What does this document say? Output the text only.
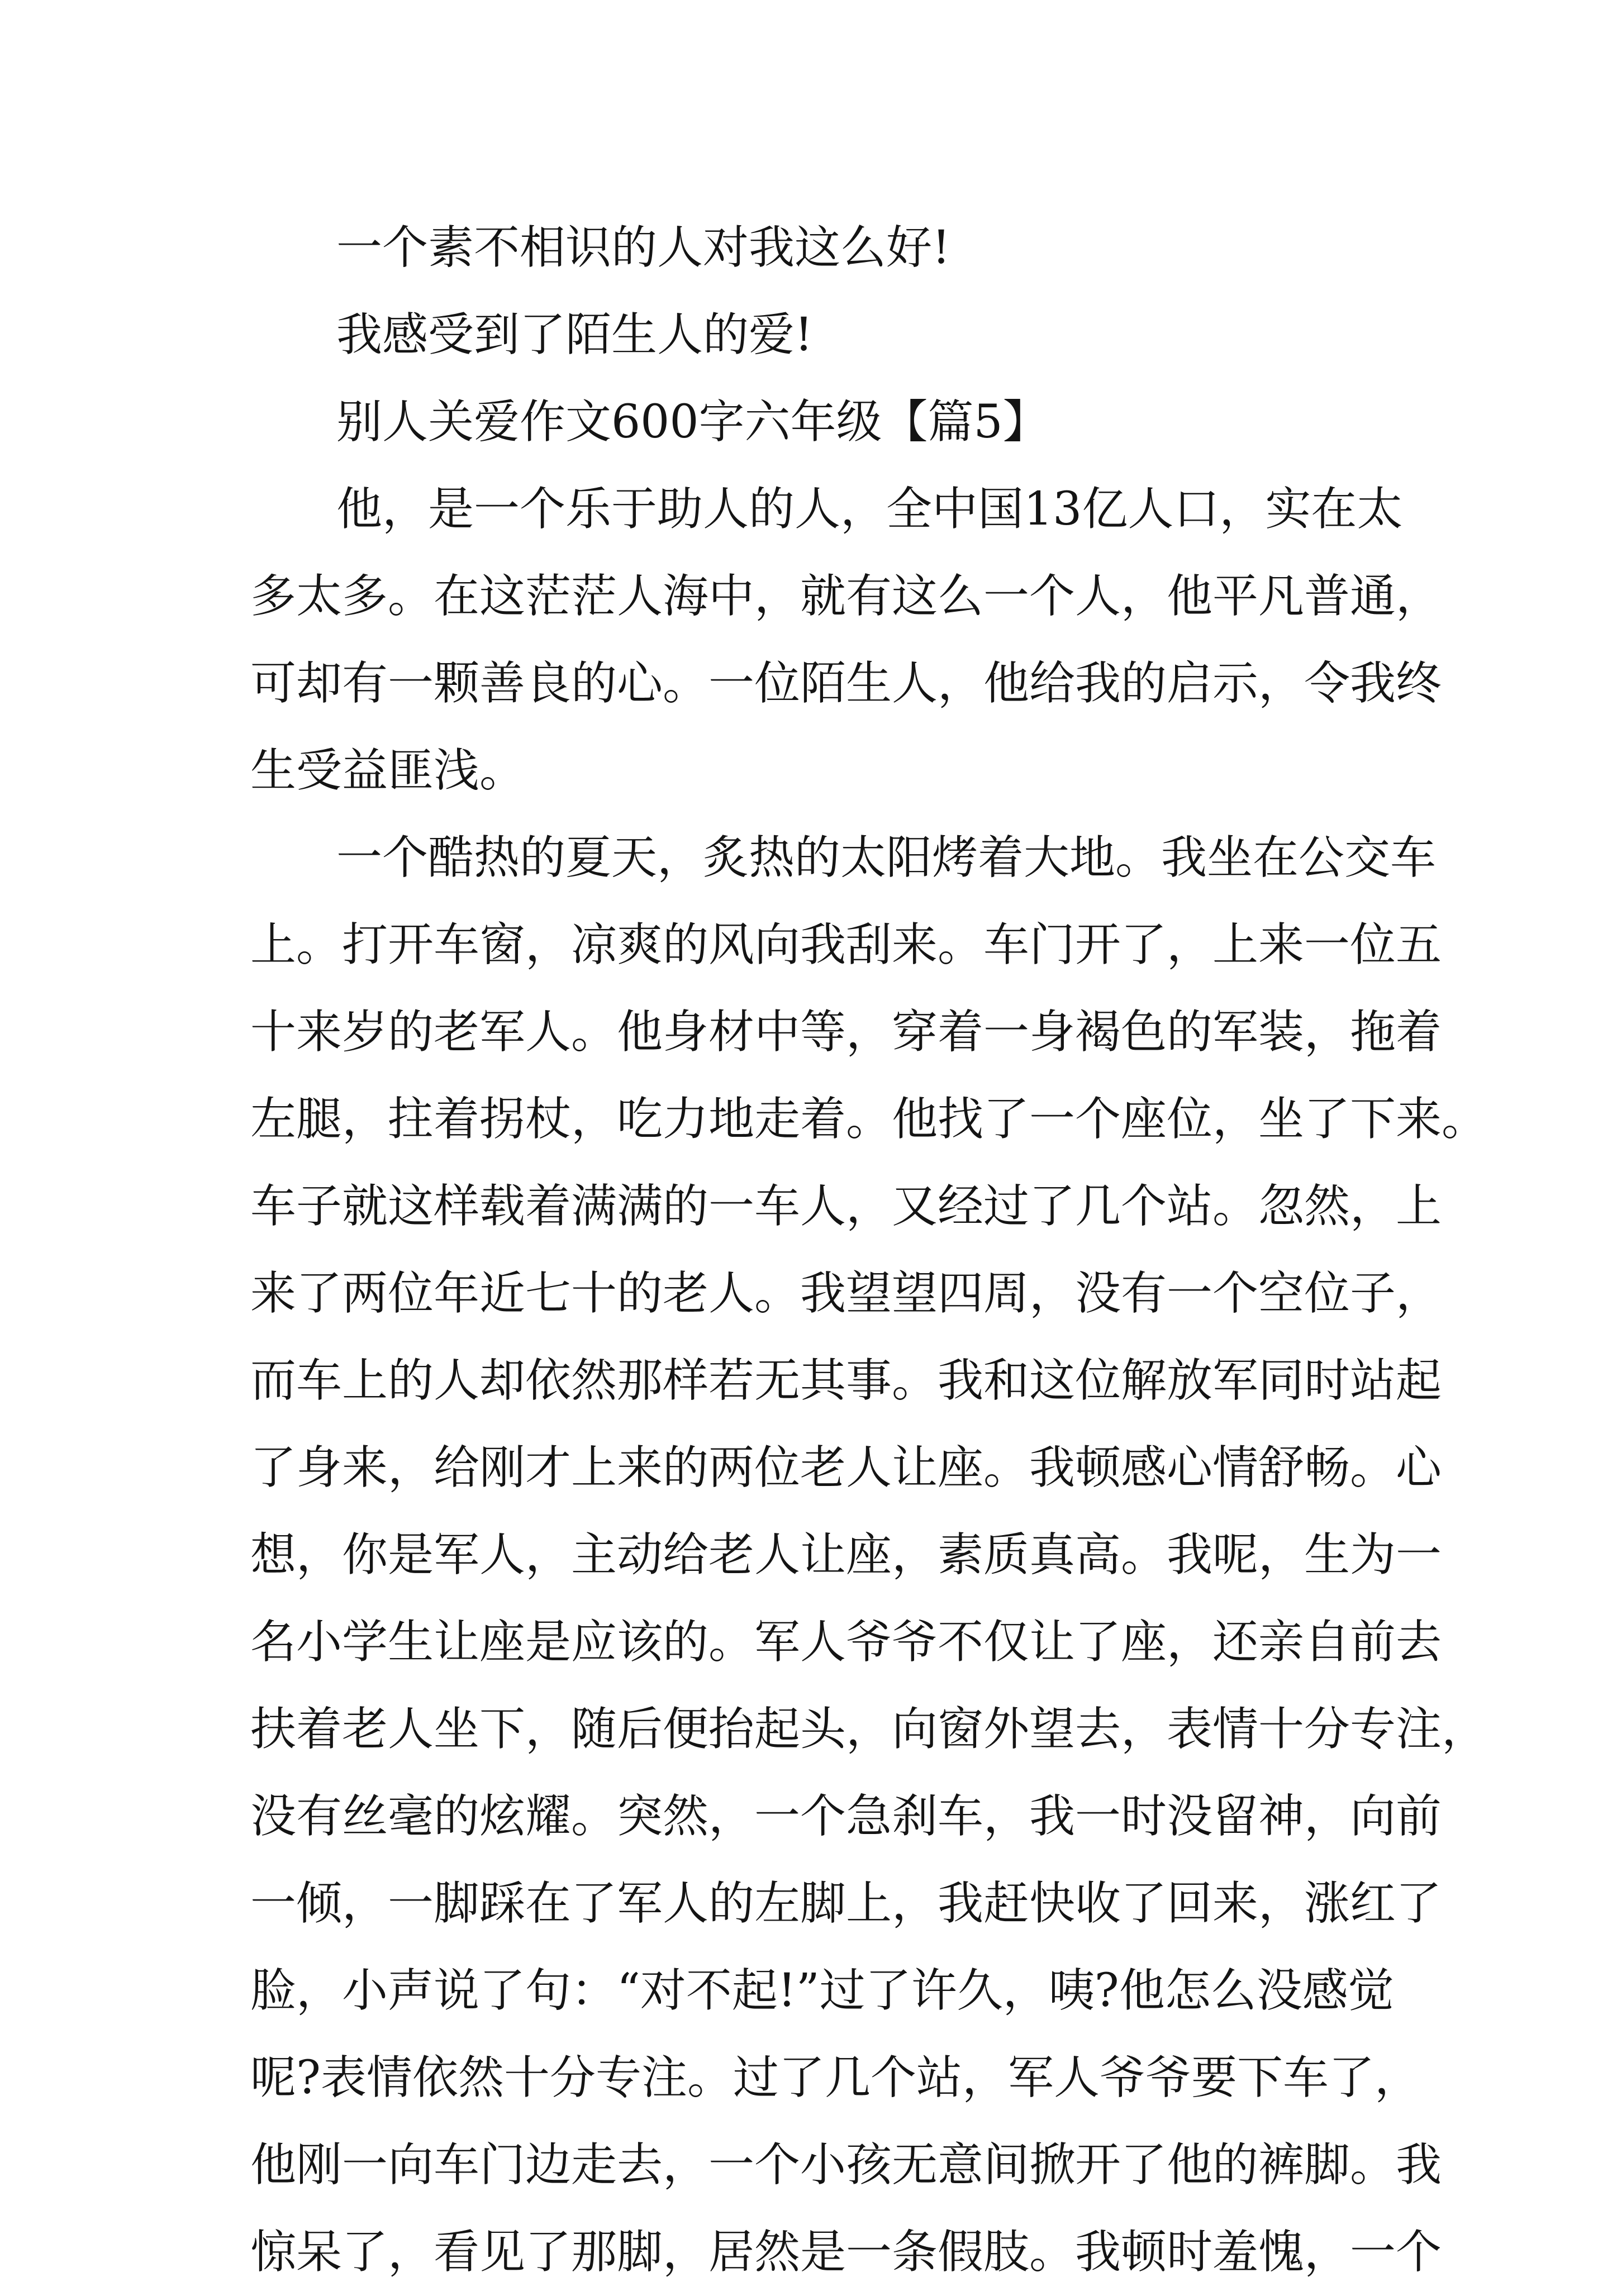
一个素不相识的人对我这么好!
我感受到了陌生人的爱!
别人关爱作文600字六年级【篇5】
他，是一个乐于助人的人，全中国13亿人口，实在太
多太多。在这茫茫人海中，就有这么一个人，他平凡普通，
可却有一颗善良的心。一位陌生人，他给我的启示，令我终
生受益匪浅。
一个酷热的夏天，炙热的太阳烤着大地。我坐在公交车
上。打开车窗，凉爽的风向我刮来。车门开了，上来一位五
十来岁的老军人。他身材中等，穿着一身褐色的军装，拖着
左腿，拄着拐杖，吃力地走着。他找了一个座位，坐了下来。
车子就这样载着满满的一车人，又经过了几个站。忽然，上
来了两位年近七十的老人。我望望四周，没有一个空位子，
而车上的人却依然那样若无其事。我和这位解放军同时站起
了身来，给刚才上来的两位老人让座。我顿感心情舒畅。心
想，你是军人，主动给老人让座，素质真高。我呢，生为一
名小学生让座是应该的。军人爷爷不仅让了座，还亲自前去
扶着老人坐下，随后便抬起头，向窗外望去，表情十分专注，
没有丝毫的炫耀。突然，一个急刹车，我一时没留神，向前
一倾，一脚踩在了军人的左脚上，我赶快收了回来，涨红了
脸，小声说了句：“对不起!”过了许久，咦?他怎么没感觉
呢?表情依然十分专注。过了几个站，军人爷爷要下车了，
他刚一向车门边走去，一个小孩无意间掀开了他的裤脚。我
惊呆了，看见了那脚，居然是一条假肢。我顿时羞愧，一个
